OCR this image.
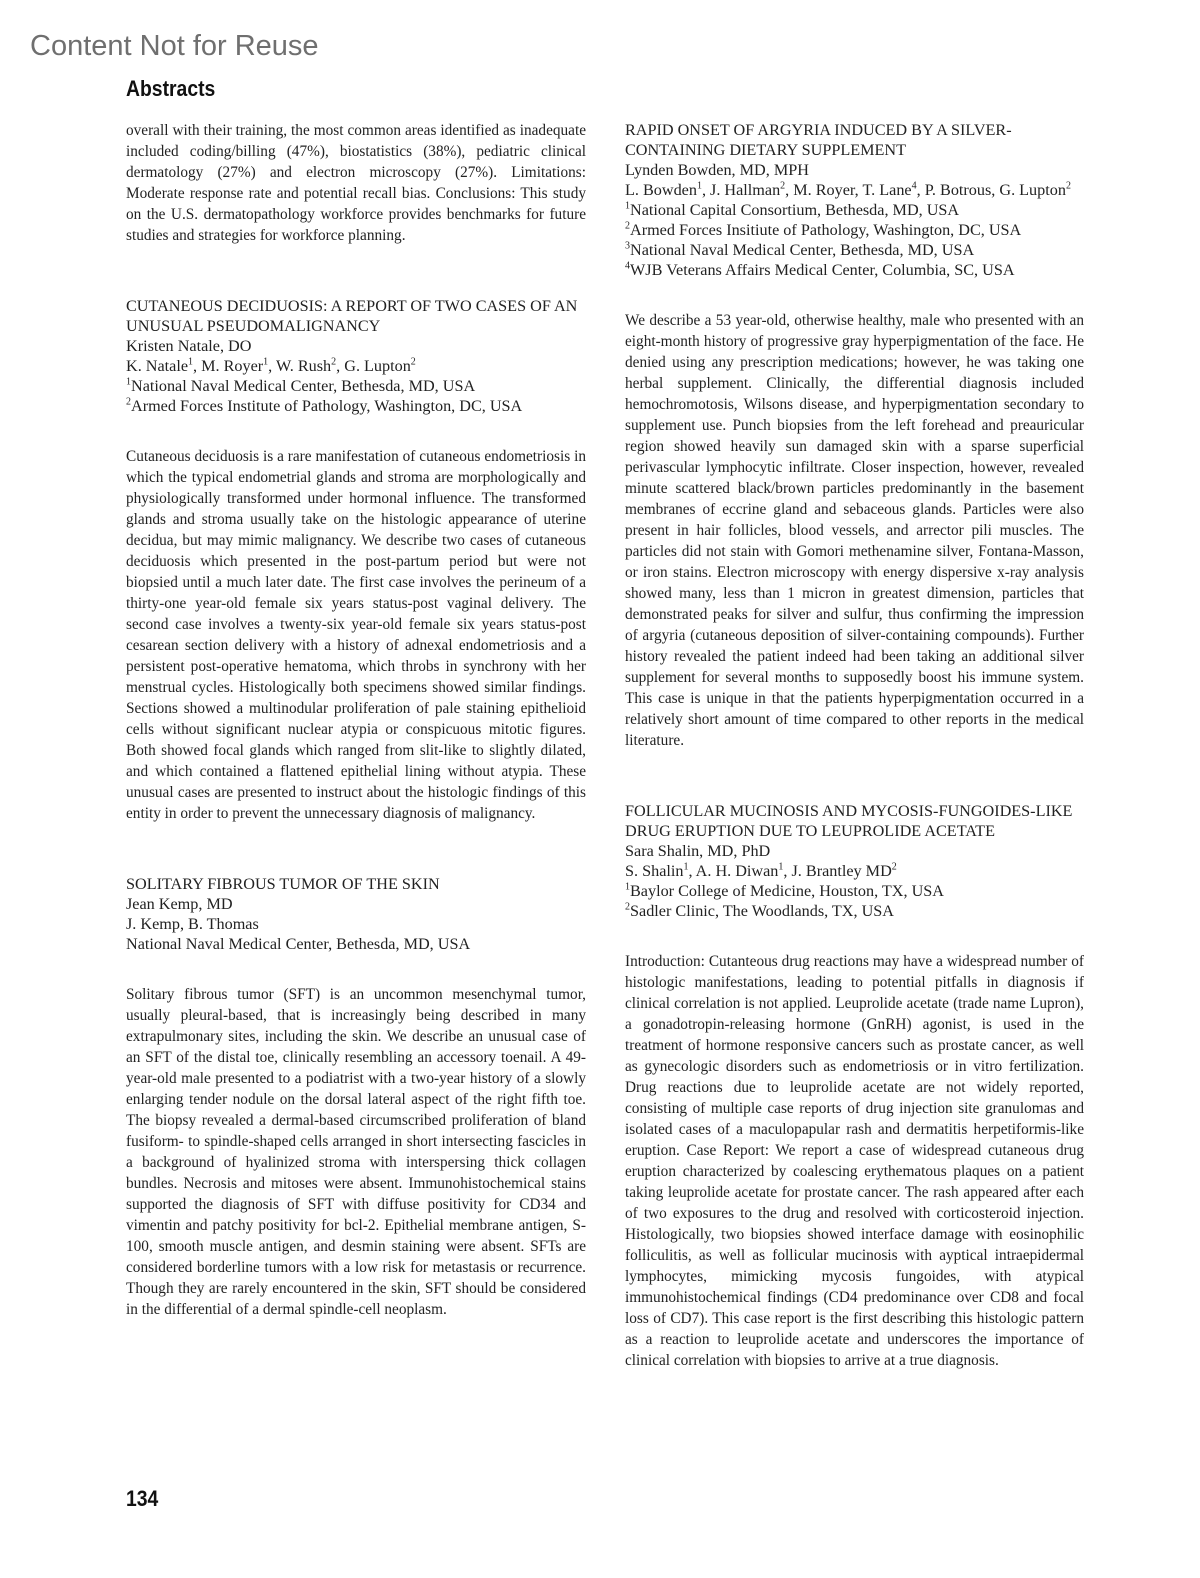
Content Not for Reuse
Abstracts

overall with their training, the most common areas identified as inadequate included coding/billing (47%), biostatistics (38%), pediatric clinical dermatology (27%) and electron microscopy (27%). Limitations: Moderate response rate and potential recall bias. Conclusions: This study on the U.S. dermatopathology workforce provides benchmarks for future studies and strategies for workforce planning.

CUTANEOUS DECIDUOSIS: A REPORT OF TWO CASES OF AN UNUSUAL PSEUDOMALIGNANCY

Kristen Natale, DO

K. Natale$^1$, M. Royer$^1$, W. Rush$^2$, G. Lupton$^2$

$^1$National Naval Medical Center, Bethesda, MD, USA

$^2$Armed Forces Institute of Pathology, Washington, DC, USA

Cutaneous deciduosis is a rare manifestation of cutaneous endometriosis in which the typical endometrial glands and stroma are morphologically and physiologically transformed under hormonal influence. The transformed glands and stroma usually take on the histologic appearance of uterine decidua, but may mimic malignancy. We describe two cases of cutaneous deciduosis which presented in the post-partum period but were not biopsied until a much later date. The first case involves the perineum of a thirty-one year-old female six years status-post vaginal delivery. The second case involves a twenty-six year-old female six years status-post cesarean section delivery with a history of adnexal endometriosis and a persistent post-operative hematoma, which throbs in synchrony with her menstrual cycles. Histologically both specimens showed similar findings. Sections showed a multinodular proliferation of pale staining epithelioid cells without significant nuclear atypia or conspicuous mitotic figures. Both showed focal glands which ranged from slit-like to slightly dilated, and which contained a flattened epithelial lining without atypia. These unusual cases are presented to instruct about the histologic findings of this entity in order to prevent the unnecessary diagnosis of malignancy.

SOLITARY FIBROUS TUMOR OF THE SKIN

Jean Kemp, MD

J. Kemp, B. Thomas

National Naval Medical Center, Bethesda, MD, USA

Solitary fibrous tumor (SFT) is an uncommon mesenchymal tumor, usually pleural-based, that is increasingly being described in many extrapulmonary sites, including the skin. We describe an unusual case of an SFT of the distal toe, clinically resembling an accessory toenail. A 49-year-old male presented to a podiatrist with a two-year history of a slowly enlarging tender nodule on the dorsal lateral aspect of the right fifth toe. The biopsy revealed a dermal-based circumscribed proliferation of bland fusiform- to spindle-shaped cells arranged in short intersecting fascicles in a background of hyalinized stroma with interspersing thick collagen bundles. Necrosis and mitoses were absent. Immunohistochemical stains supported the diagnosis of SFT with diffuse positivity for CD34 and vimentin and patchy positivity for bcl-2. Epithelial membrane antigen, S-100, smooth muscle antigen, and desmin staining were absent. SFTs are considered borderline tumors with a low risk for metastasis or recurrence. Though they are rarely encountered in the skin, SFT should be considered in the differential of a dermal spindle-cell neoplasm.

RAPID ONSET OF ARGYRIA INDUCED BY A SILVER-CONTAINING DIETARY SUPPLEMENT

Lynden Bowden, MD, MPH

L. Bowden$^1$, J. Hallman$^2$, M. Royer, T. Lane$^4$, P. Botrous, G. Lupton$^2$

$^1$National Capital Consortium, Bethesda, MD, USA

$^2$Armed Forces Insitiute of Pathology, Washington, DC, USA

$^3$National Naval Medical Center, Bethesda, MD, USA

$^4$WJB Veterans Affairs Medical Center, Columbia, SC, USA

We describe a 53 year-old, otherwise healthy, male who presented with an eight-month history of progressive gray hyperpigmentation of the face. He denied using any prescription medications; however, he was taking one herbal supplement. Clinically, the differential diagnosis included hemochromotosis, Wilsons disease, and hyperpigmentation secondary to supplement use. Punch biopsies from the left forehead and preauricular region showed heavily sun damaged skin with a sparse superficial perivascular lymphocytic infiltrate. Closer inspection, however, revealed minute scattered black/brown particles predominantly in the basement membranes of eccrine gland and sebaceous glands. Particles were also present in hair follicles, blood vessels, and arrector pili muscles. The particles did not stain with Gomori methenamine silver, Fontana-Masson, or iron stains. Electron microscopy with energy dispersive x-ray analysis showed many, less than 1 micron in greatest dimension, particles that demonstrated peaks for silver and sulfur, thus confirming the impression of argyria (cutaneous deposition of silver-containing compounds). Further history revealed the patient indeed had been taking an additional silver supplement for several months to supposedly boost his immune system. This case is unique in that the patients hyperpigmentation occurred in a relatively short amount of time compared to other reports in the medical literature.

FOLLICULAR MUCINOSIS AND MYCOSIS-FUNGOIDES-LIKE DRUG ERUPTION DUE TO LEUPROLIDE ACETATE

Sara Shalin, MD, PhD

S. Shalin$^1$, A. H. Diwan$^1$, J. Brantley $MD^2$

$^1$Baylor College of Medicine, Houston, TX, USA

$^2$Sadler Clinic, The Woodlands, TX, USA

Introduction: Cutanteous drug reactions may have a widespread number of histologic manifestations, leading to potential pitfalls in diagnosis if clinical correlation is not applied. Leuprolide acetate (trade name Lupron), a gonadotropin-releasing hormone (GnRH) agonist, is used in the treatment of hormone responsive cancers such as prostate cancer, as well as gynecologic disorders such as endometriosis or in vitro fertilization. Drug reactions due to leuprolide acetate are not widely reported, consisting of multiple case reports of drug injection site granulomas and isolated cases of a maculopapular rash and dermatitis herpetiformis-like eruption. Case Report: We report a case of widespread cutaneous drug eruption characterized by coalescing erythematous plaques on a patient taking leuprolide acetate for prostate cancer. The rash appeared after each of two exposures to the drug and resolved with corticosteroid injection. Histologically, two biopsies showed interface damage with eosinophilic folliculitis, as well as follicular mucinosis with ayptical intraepidermal lymphocytes, mimicking mycosis fungoides, with atypical immunohistochemical findings (CD4 predominance over CD8 and focal loss of CD7). This case report is the first describing this histologic pattern as a reaction to leuprolide acetate and underscores the importance of clinical correlation with biopsies to arrive at a true diagnosis.

134
